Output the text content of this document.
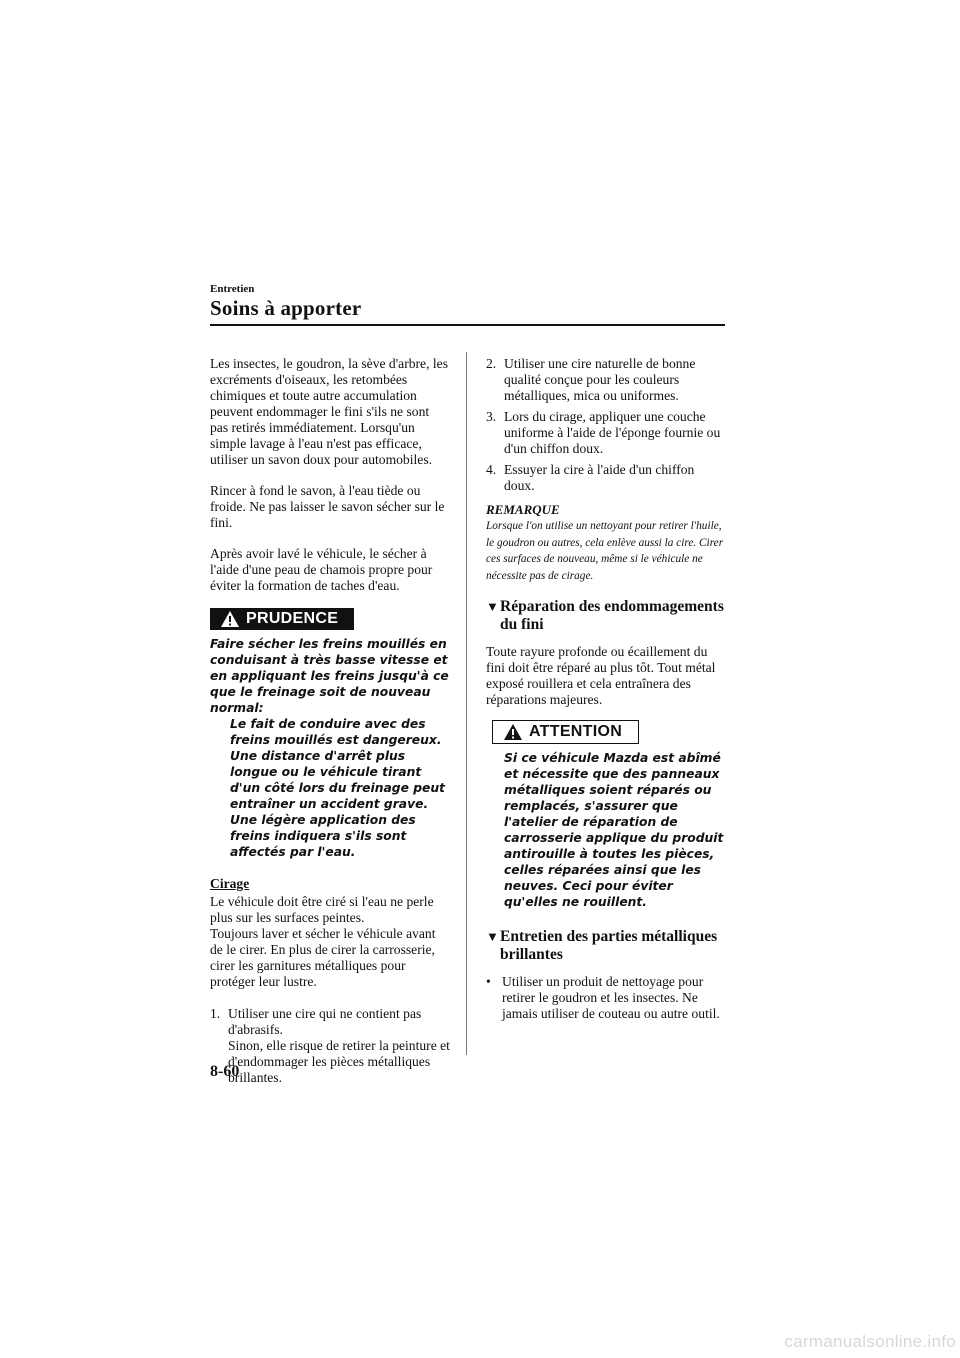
Entretien
Soins à apporter

Les insectes, le goudron, la sève d'arbre, les excréments d'oiseaux, les retombées chimiques et toute autre accumulation peuvent endommager le fini s'ils ne sont pas retirés immédiatement. Lorsqu'un simple lavage à l'eau n'est pas efficace, utiliser un savon doux pour automobiles.

Rincer à fond le savon, à l'eau tiède ou froide. Ne pas laisser le savon sécher sur le fini.

Après avoir lavé le véhicule, le sécher à l'aide d'une peau de chamois propre pour éviter la formation de taches d'eau.

PRUDENCE

Faire sécher les freins mouillés en conduisant à très basse vitesse et en appliquant les freins jusqu'à ce que le freinage soit de nouveau normal:

Le fait de conduire avec des freins mouillés est dangereux. Une distance d'arrêt plus longue ou le véhicule tirant d'un côté lors du freinage peut entraîner un accident grave. Une légère application des freins indiquera s'ils sont affectés par l'eau.

Cirage

Le véhicule doit être ciré si l'eau ne perle plus sur les surfaces peintes.

Toujours laver et sécher le véhicule avant de le cirer. En plus de cirer la carrosserie, cirer les garnitures métalliques pour protéger leur lustre.

1. Utiliser une cire qui ne contient pas d'abrasifs.
Sinon, elle risque de retirer la peinture et d'endommager les pièces métalliques brillantes.
2. Utiliser une cire naturelle de bonne qualité conçue pour les couleurs métalliques, mica ou uniformes.
3. Lors du cirage, appliquer une couche uniforme à l'aide de l'éponge fournie ou d'un chiffon doux.
4. Essuyer la cire à l'aide d'un chiffon doux.

REMARQUE

Lorsque l'on utilise un nettoyant pour retirer l'huile, le goudron ou autres, cela enlève aussi la cire. Cirer ces surfaces de nouveau, même si le véhicule ne nécessite pas de cirage.

▼ Réparation des endommagements du fini

Toute rayure profonde ou écaillement du fini doit être réparé au plus tôt. Tout métal exposé rouillera et cela entraînera des réparations majeures.

ATTENTION

Si ce véhicule Mazda est abîmé et nécessite que des panneaux métalliques soient réparés ou remplacés, s'assurer que l'atelier de réparation de carrosserie applique du produit antirouille à toutes les pièces, celles réparées ainsi que les neuves. Ceci pour éviter qu'elles ne rouillent.

▼ Entretien des parties métalliques brillantes
• Utiliser un produit de nettoyage pour retirer le goudron et les insectes. Ne jamais utiliser de couteau ou autre outil.
8-60
carmanualsonline.info
